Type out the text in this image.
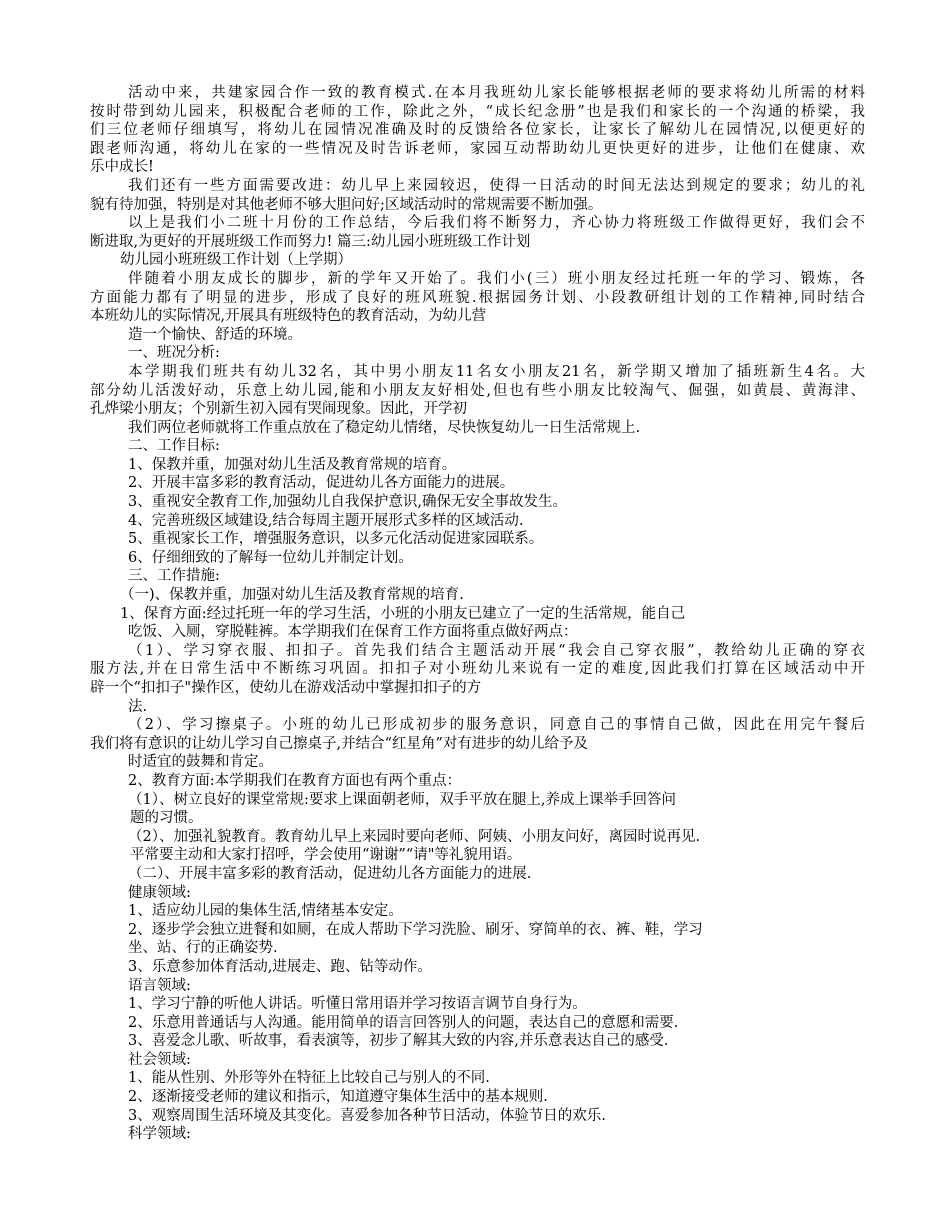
活动中来，共建家园合作一致的教育模式.在本月我班幼儿家长能够根据老师的要求将幼儿所需的材料
按时带到幼儿园来，积极配合老师的工作，除此之外，“成长纪念册”也是我们和家长的一个沟通的桥梁，我
们三位老师仔细填写，将幼儿在园情况准确及时的反馈给各位家长，让家长了解幼儿在园情况,以便更好的
跟老师沟通，将幼儿在家的一些情况及时告诉老师，家园互动帮助幼儿更快更好的进步，让他们在健康、欢
乐中成长!
我们还有一些方面需要改进：幼儿早上来园较迟，使得一日活动的时间无法达到规定的要求；幼儿的礼
貌有待加强，特别是对其他老师不够大胆问好;区域活动时的常规需要不断加强。
以上是我们小二班十月份的工作总结，今后我们将不断努力，齐心协力将班级工作做得更好，我们会不
断进取,为更好的开展班级工作而努力! 篇三:幼儿园小班班级工作计划
幼儿园小班班级工作计划（上学期）
伴随着小朋友成长的脚步，新的学年又开始了。我们小(三）班小朋友经过托班一年的学习、锻炼，各
方面能力都有了明显的进步，形成了良好的班风班貌.根据园务计划、小段教研组计划的工作精神,同时结合
本班幼儿的实际情况,开展具有班级特色的教育活动，为幼儿营
造一个愉快、舒适的环境。
一、班况分析:
本学期我们班共有幼儿32名，其中男小朋友11名女小朋友21名，新学期又增加了插班新生4名。大
部分幼儿活泼好动，乐意上幼儿园,能和小朋友友好相处,但也有些小朋友比较淘气、倔强，如黄晨、黄海津、
孔烨梁小朋友；个别新生初入园有哭闹现象。因此，开学初
我们两位老师就将工作重点放在了稳定幼儿情绪，尽快恢复幼儿一日生活常规上.
二、工作目标:
1、保教并重，加强对幼儿生活及教育常规的培育。
2、开展丰富多彩的教育活动，促进幼儿各方面能力的进展。
3、重视安全教育工作,加强幼儿自我保护意识,确保无安全事故发生。
4、完善班级区域建设,结合每周主题开展形式多样的区域活动.
5、重视家长工作，增强服务意识，以多元化活动促进家园联系。
6、仔细细致的了解每一位幼儿并制定计划。
三、工作措施:
（一)、保教并重，加强对幼儿生活及教育常规的培育.
1、保育方面:经过托班一年的学习生活，小班的小朋友已建立了一定的生活常规，能自己
吃饭、入厕，穿脱鞋裤。本学期我们在保育工作方面将重点做好两点：
（1）、学习穿衣服、扣扣子。首先我们结合主题活动开展“我会自己穿衣服”，教给幼儿正确的穿衣
服方法,并在日常生活中不断练习巩固。扣扣子对小班幼儿来说有一定的难度,因此我们打算在区域活动中开
辟一个“扣扣子"操作区，使幼儿在游戏活动中掌握扣扣子的方
法.
（2）、学习擦桌子。小班的幼儿已形成初步的服务意识，同意自己的事情自己做，因此在用完午餐后
我们将有意识的让幼儿学习自己擦桌子,并结合“红星角”对有进步的幼儿给予及
时适宜的鼓舞和肯定。
2、教育方面:本学期我们在教育方面也有两个重点：
（1）、树立良好的课堂常规:要求上课面朝老师，双手平放在腿上,养成上课举手回答问
题的习惯。
（2）、加强礼貌教育。教育幼儿早上来园时要向老师、阿姨、小朋友问好，离园时说再见.
平常要主动和大家打招呼，学会使用“谢谢”“请"等礼貌用语。
（二）、开展丰富多彩的教育活动，促进幼儿各方面能力的进展.
健康领域:
1、适应幼儿园的集体生活,情绪基本安定。
2、逐步学会独立进餐和如厕，在成人帮助下学习洗脸、刷牙、穿简单的衣、裤、鞋，学习
坐、站、行的正确姿势.
3、乐意参加体育活动,进展走、跑、钻等动作。
语言领域:
1、学习宁静的听他人讲话。听懂日常用语并学习按语言调节自身行为。
2、乐意用普通话与人沟通。能用简单的语言回答别人的问题，表达自己的意愿和需要.
3、喜爱念儿歌、听故事，看表演等，初步了解其大致的内容,并乐意表达自己的感受.
社会领域:
1、能从性别、外形等外在特征上比较自己与别人的不同.
2、逐渐接受老师的建议和指示，知道遵守集体生活中的基本规则.
3、观察周围生活环境及其变化。喜爱参加各种节日活动，体验节日的欢乐.
科学领域:
